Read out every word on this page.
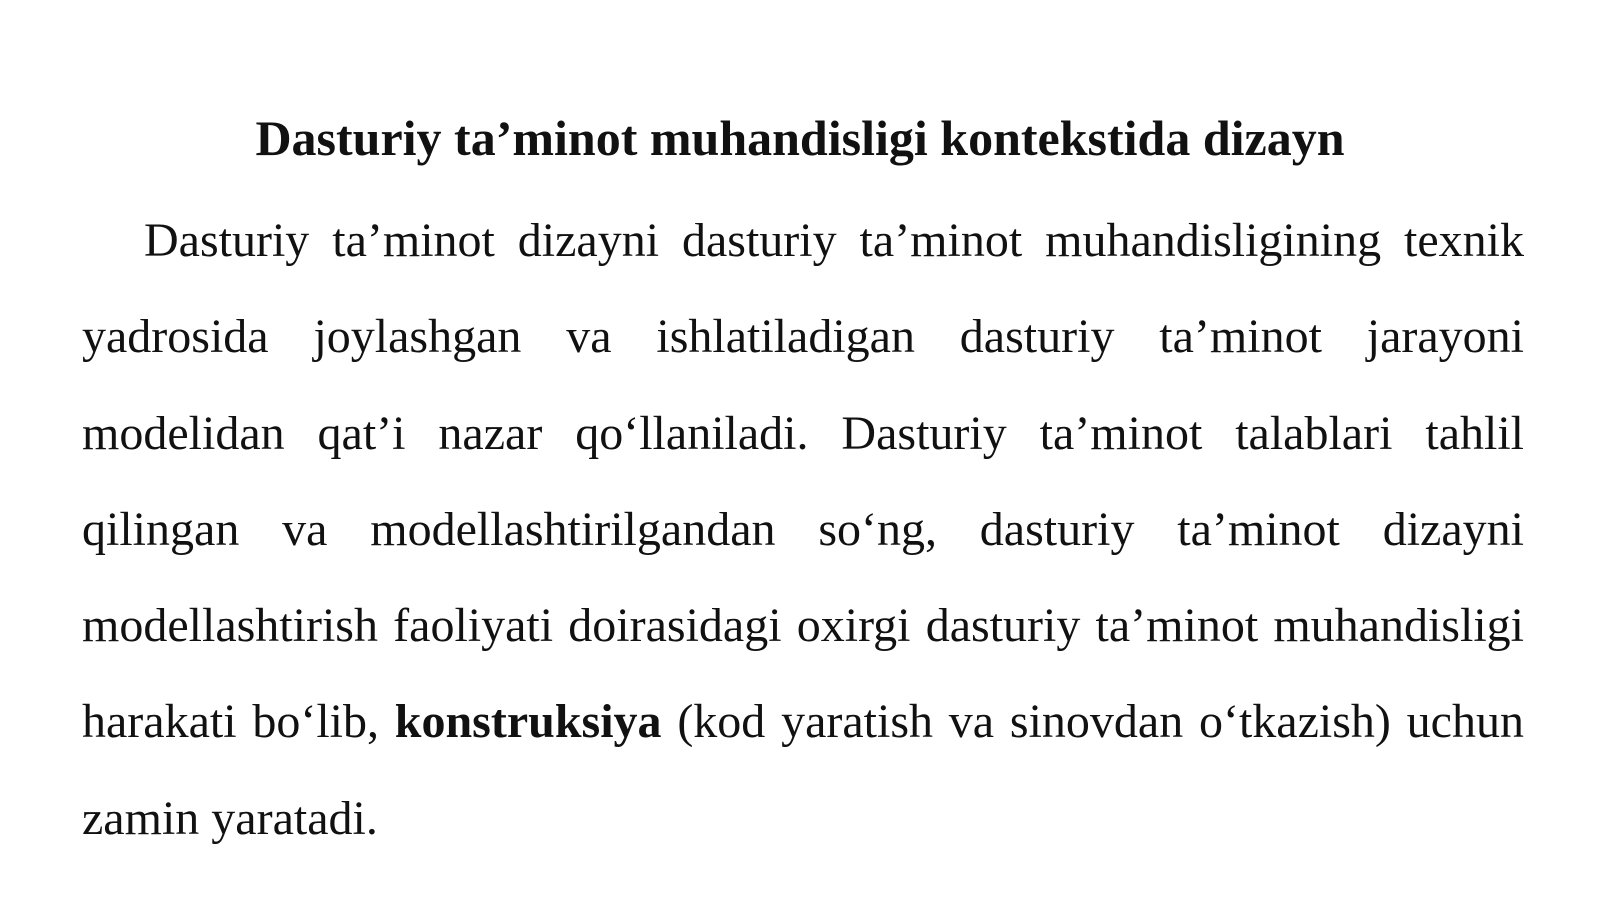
Dasturiy ta’minot muhandisligi kontekstida dizayn

Dasturiy ta’minot dizayni dasturiy ta’minot muhandisligining texnik yadrosida joylashgan va ishlatiladigan dasturiy ta’minot jarayoni modelidan qat’i nazar qo‘llaniladi. Dasturiy ta’minot talablari tahlil qilingan va modellashtirilgandan so‘ng, dasturiy ta’minot dizayni modellashtirish faoliyati doirasidagi oxirgi dasturiy ta’minot muhandisligi harakati bo‘lib, konstruksiya (kod yaratish va sinovdan o‘tkazish) uchun zamin yaratadi.
